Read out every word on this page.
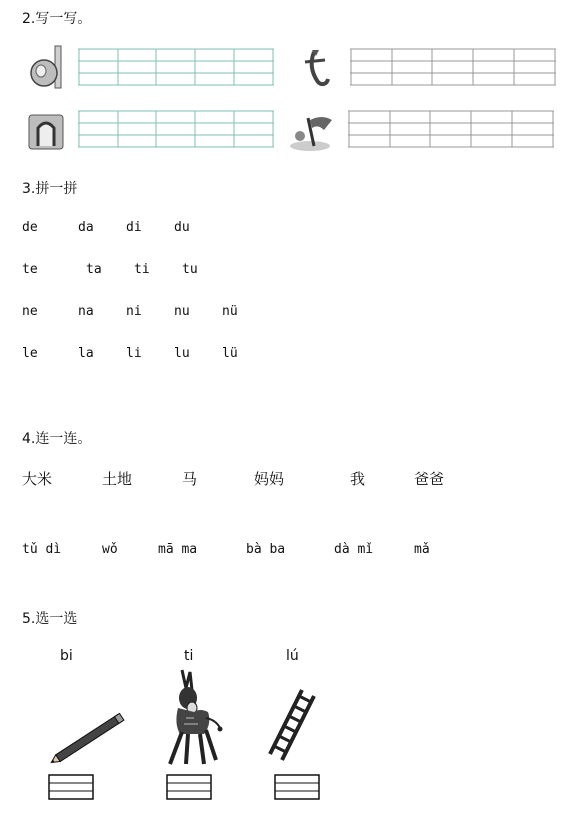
2.写一写。
3.拼一拼
de	da di du
te	ta ti tu
ne	na ni nu nü
le	la li lu lü
4.连一连。
大米	土地	马	妈妈	我	爸爸
tǔ dì	wǒ	mā ma	bà ba	dà mǐ	mǎ
5.选一选
bi	ti	lú
